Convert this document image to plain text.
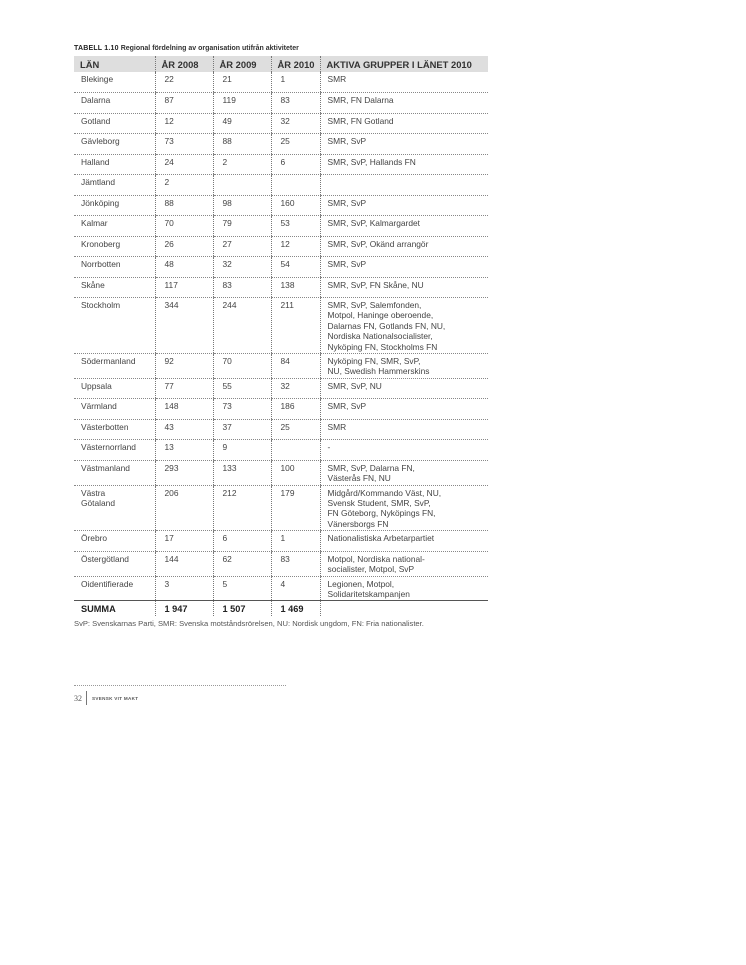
TABELL 1.10 Regional fördelning av organisation utifrån aktiviteter
LÄN	ÅR 2008	ÅR 2009	ÅR 2010	AKTIVA GRUPPER I LÄNET 2010
Blekinge	22	21	1	SMR
Dalarna	87	119	83	SMR, FN Dalarna
Gotland	12	49	32	SMR, FN Gotland
Gävleborg	73	88	25	SMR, SvP
Halland	24	2	6	SMR, SvP, Hallands FN
Jämtland	2			
Jönköping	88	98	160	SMR, SvP
Kalmar	70	79	53	SMR, SvP, Kalmargardet
Kronoberg	26	27	12	SMR, SvP, Okänd arrangör
Norrbotten	48	32	54	SMR, SvP
Skåne	117	83	138	SMR, SvP, FN Skåne, NU
Stockholm	344	244	211	SMR, SvP, Salemfonden,
Motpol, Haninge oberoende,
Dalarnas FN, Gotlands FN, NU,
Nordiska Nationalsocialister,
Nyköping FN, Stockholms FN
Södermanland	92	70	84	Nyköping FN, SMR, SvP,
NU, Swedish Hammerskins
Uppsala	77	55	32	SMR, SvP, NU
Värmland	148	73	186	SMR, SvP
Västerbotten	43	37	25	SMR
Västernorrland	13	9		-
Västmanland	293	133	100	SMR, SvP, Dalarna FN,
Västerås FN, NU
Västra
Götaland	206	212	179	Midgård/Kommando Väst, NU,
Svensk Student, SMR, SvP,
FN Göteborg, Nyköpings FN,
Vänersborgs FN
Örebro	17	6	1	Nationalistiska Arbetarpartiet
Östergötland	144	62	83	Motpol, Nordiska national-
socialister, Motpol, SvP
Oidentifierade	3	5	4	Legionen, Motpol,
Solidaritetskampanjen
SUMMA	1 947	1 507	1 469	
SvP: Svenskarnas Parti, SMR: Svenska motståndsrörelsen, NU: Nordisk ungdom, FN: Fria nationalister.
32 SVENSK VIT MAKT
